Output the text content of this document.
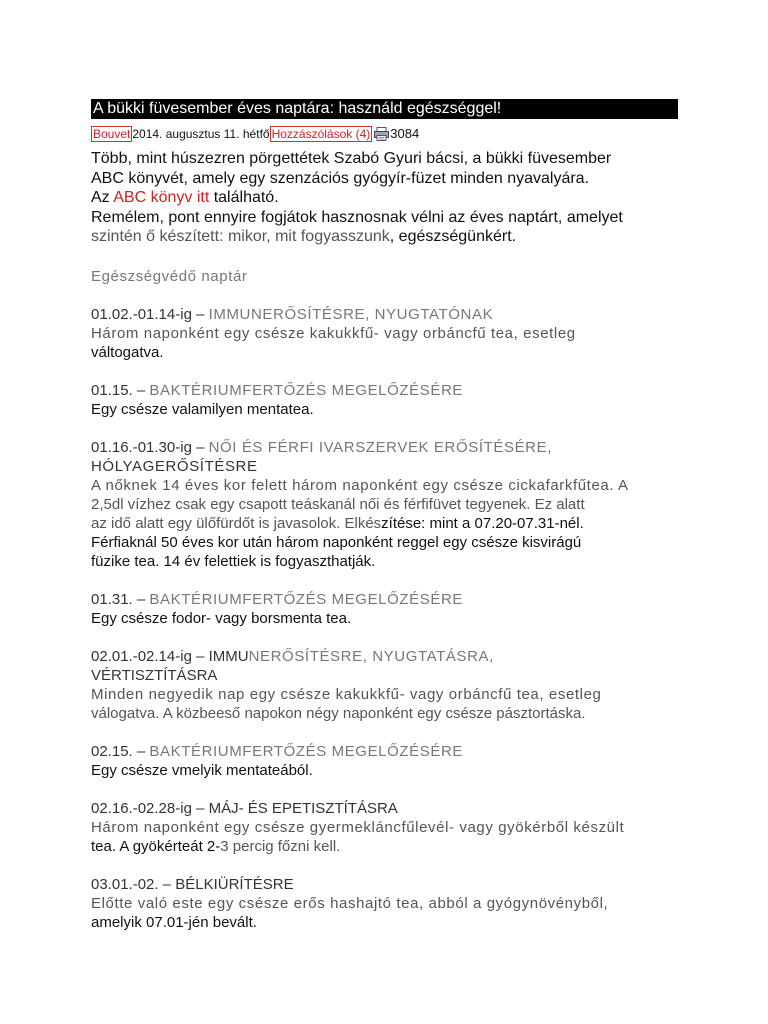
A bükki füvesember éves naptára: használd egészséggel!
Bouvet 2014. augusztus 11. hétfő Hozzászólások (4) 3084

Több, mint húszezren pörgettétek Szabó Gyuri bácsi, a bükki füvesember

ABC könyvét, amely egy szenzációs gyógyír-füzet minden nyavalyára.

Az ABC könyv itt található.

Remélem, pont ennyire fogjátok hasznosnak vélni az éves naptárt, amelyet

szintén ő készített: mikor, mit fogyasszunk, egészségünkért.

Egészségvédő naptár
01.02.-01.14-ig – IMMUNERŐSÍTÉSRE, NYUGTATÓNAK
Három naponként egy csésze kakukkfű- vagy orbáncfű tea, esetleg
váltogatva.
01.15. – BAKTÉRIUMFERTŐZÉS MEGELŐZÉSÉRE
Egy csésze valamilyen mentatea.
01.16.-01.30-ig – NŐI ÉS FÉRFI IVARSZERVEK ERŐSÍTÉSÉRE,
HÓLYAGERŐSÍTÉSRE
A nőknek 14 éves kor felett három naponként egy csésze cickafarkfűtea. A
2,5dl vízhez csak egy csapott teáskanál női és férfifüvet tegyenek. Ez alatt
az idő alatt egy ülőfürdőt is javasolok. Elkészítése: mint a 07.20-07.31-nél.
Férfiaknál 50 éves kor után három naponként reggel egy csésze kisvirágú
füzike tea. 14 év felettiek is fogyaszthatják.
01.31. – BAKTÉRIUMFERTŐZÉS MEGELŐZÉSÉRE
Egy csésze fodor- vagy borsmenta tea.
02.01.-02.14-ig – IMMUNERŐSÍTÉSRE, NYUGTATÁSRA,
VÉRTISZTÍTÁSRA
Minden negyedik nap egy csésze kakukkfű- vagy orbáncfű tea, esetleg
válogatva. A közbeeső napokon négy naponként egy csésze pásztortáska.
02.15. – BAKTÉRIUMFERTŐZÉS MEGELŐZÉSÉRE
Egy csésze vmelyik mentateából.
02.16.-02.28-ig – MÁJ- ÉS EPETISZTÍTÁSRA
Három naponként egy csésze gyermekláncfűlevél- vagy gyökérből készült
tea. A gyökérteát 2-3 percig főzni kell.
03.01.-02. – BÉLKIÜRÍTÉSRE
Előtte való este egy csésze erős hashajtó tea, abból a gyógynövényből,
amelyik 07.01-jén bevált.
